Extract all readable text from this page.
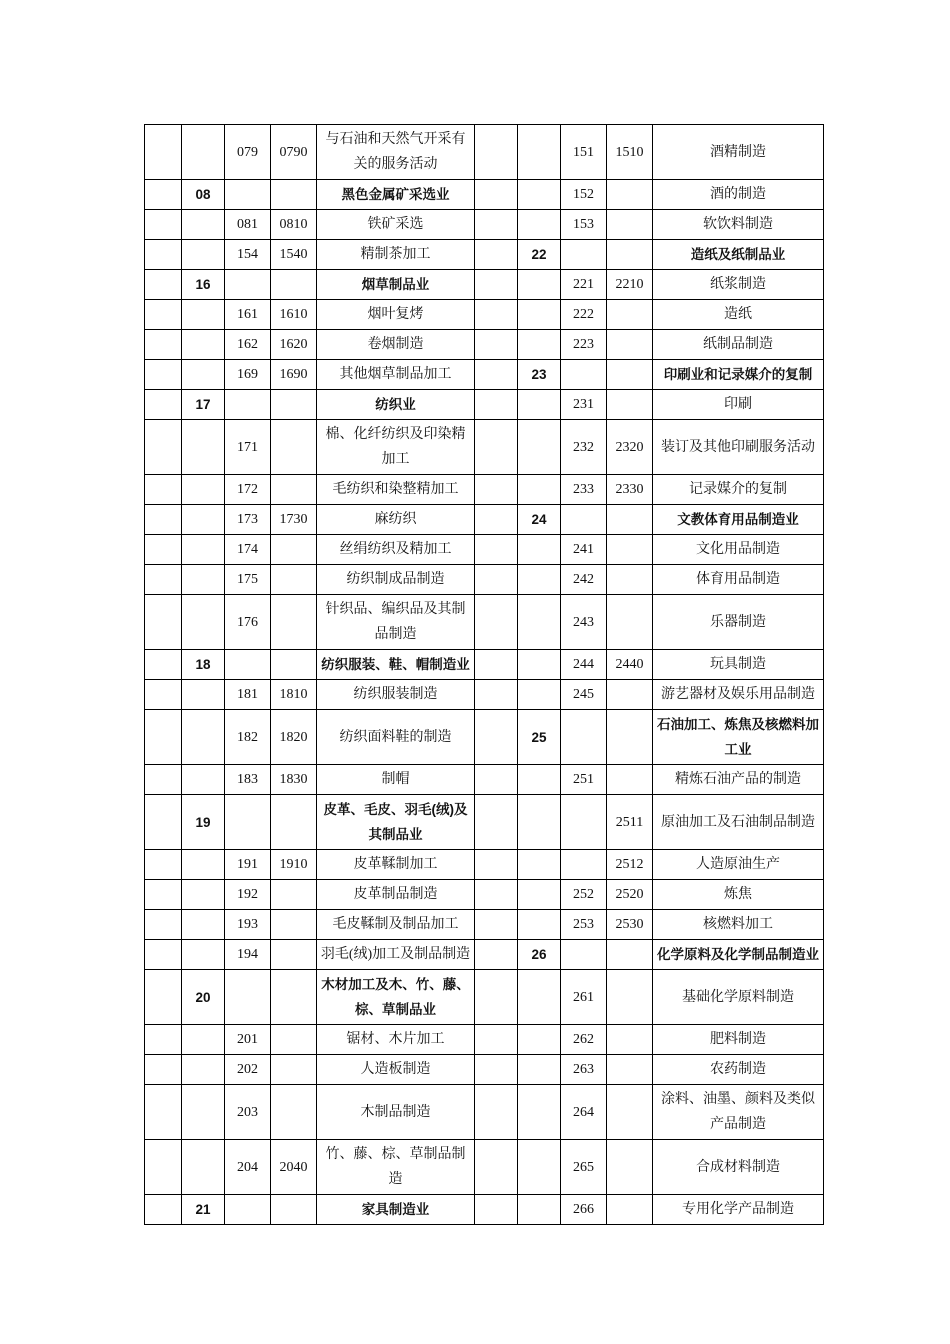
		079	0790	与石油和天然气开采有关的服务活动			151	1510	酒精制造
	08			黑色金属矿采选业			152		酒的制造
		081	0810	铁矿采选			153		软饮料制造
		154	1540	精制茶加工		22			造纸及纸制品业
	16			烟草制品业			221	2210	纸浆制造
		161	1610	烟叶复烤			222		造纸
		162	1620	卷烟制造			223		纸制品制造
		169	1690	其他烟草制品加工		23			印刷业和记录媒介的复制
	17			纺织业			231		印刷
		171		棉、化纤纺织及印染精加工			232	2320	装订及其他印刷服务活动
		172		毛纺织和染整精加工			233	2330	记录媒介的复制
		173	1730	麻纺织		24			文教体育用品制造业
		174		丝绢纺织及精加工			241		文化用品制造
		175		纺织制成品制造			242		体育用品制造
		176		针织品、编织品及其制品制造			243		乐器制造
	18			纺织服装、鞋、帽制造业			244	2440	玩具制造
		181	1810	纺织服装制造			245		游艺器材及娱乐用品制造
		182	1820	纺织面料鞋的制造		25			石油加工、炼焦及核燃料加工业
		183	1830	制帽			251		精炼石油产品的制造
	19			皮革、毛皮、羽毛(绒)及其制品业				2511	原油加工及石油制品制造
		191	1910	皮革鞣制加工				2512	人造原油生产
		192		皮革制品制造			252	2520	炼焦
		193		毛皮鞣制及制品加工			253	2530	核燃料加工
		194		羽毛(绒)加工及制品制造		26			化学原料及化学制品制造业
	20			木材加工及木、竹、藤、棕、草制品业			261		基础化学原料制造
		201		锯材、木片加工			262		肥料制造
		202		人造板制造			263		农药制造
		203		木制品制造			264		涂料、油墨、颜料及类似产品制造
		204	2040	竹、藤、棕、草制品制造			265		合成材料制造
	21			家具制造业			266		专用化学产品制造
